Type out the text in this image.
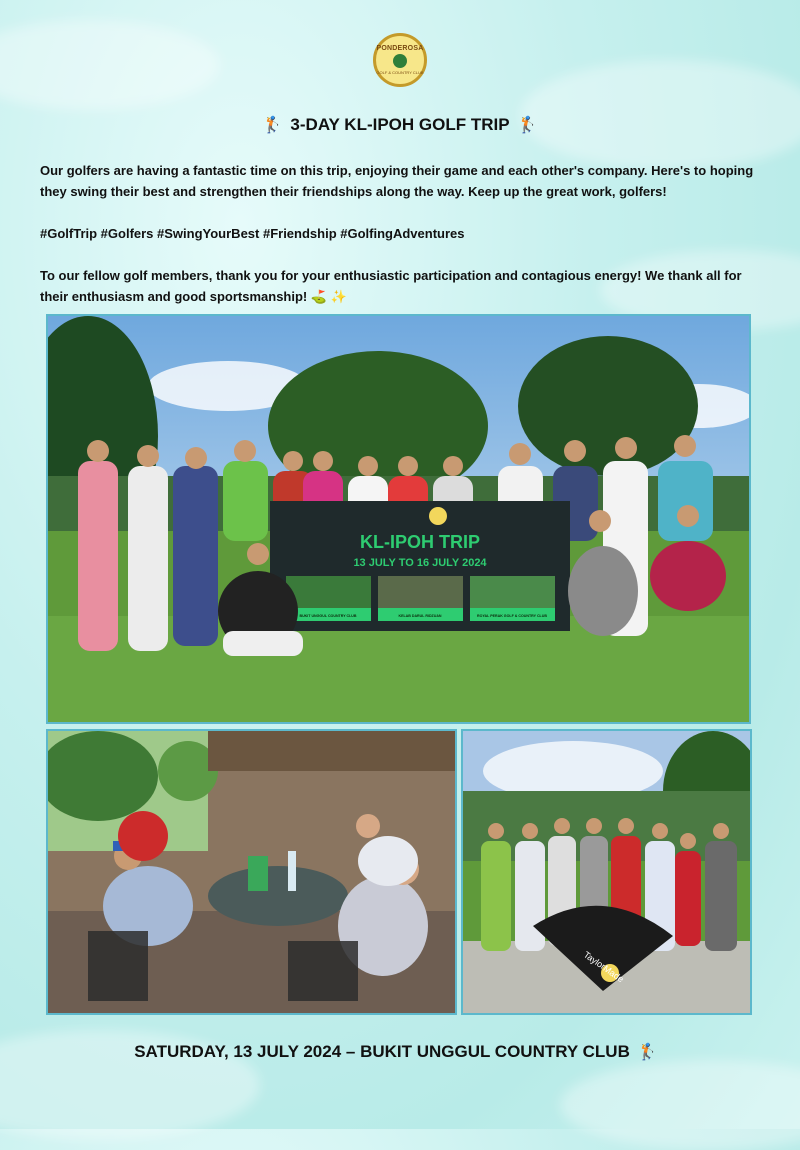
PONDEROSA
GOLF & COUNTRY CLUB
🏌 3-DAY KL-IPOH GOLF TRIP 🏌

Our golfers are having a fantastic time on this trip, enjoying their game and each other's company. Here's to hoping they swing their best and strengthen their friendships along the way. Keep up the great work, golfers!

#GolfTrip #Golfers #SwingYourBest #Friendship #GolfingAdventures

To our fellow golf members, thank you for your enthusiastic participation and contagious energy! We thank all for their enthusiasm and good sportsmanship! ⛳ ✨

KL-IPOH TRIP
13 JULY TO 16 JULY 2024
BUKIT UNGGUL COUNTRY CLUB	KELAB DARUL RIDZUAN	ROYAL PERAK GOLF & COUNTRY CLUB
TaylorMade
SATURDAY, 13 JULY 2024 – BUKIT UNGGUL COUNTRY CLUB 🏌
